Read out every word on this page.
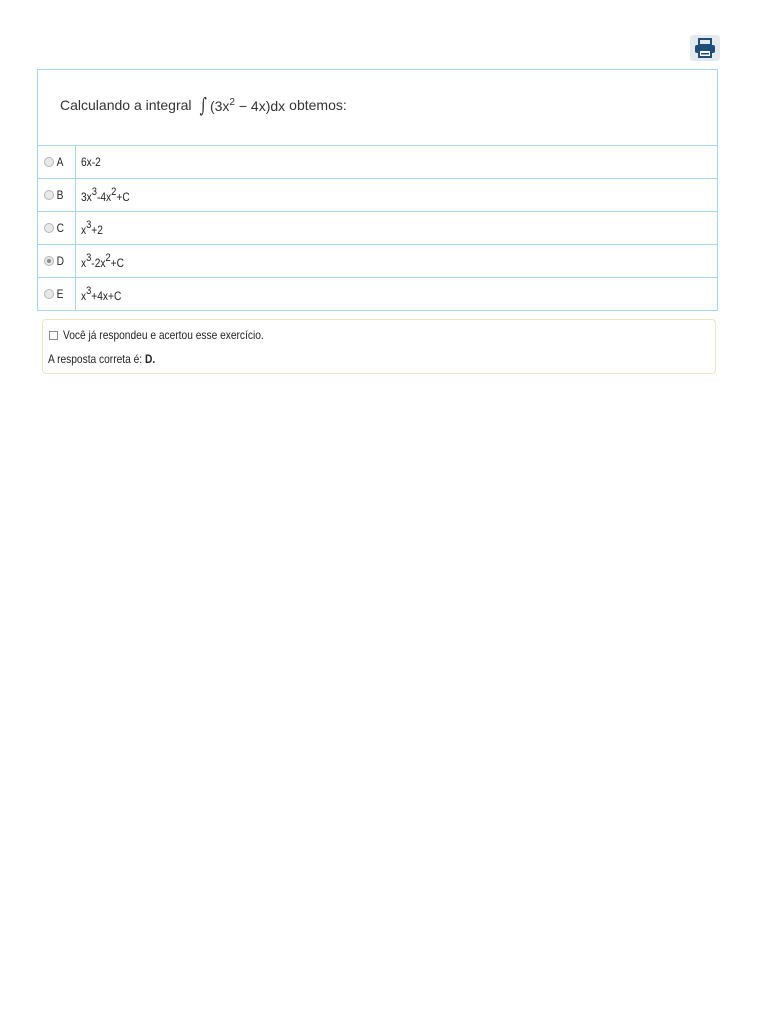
Calculando a integral ∫ $(3x^2 - 4x)dx$ obtemos:
A 6x-2
B $3x^3-4x^2+C$
C $x^3+2$
D $x^3-2x^2+C$
E $x^3+4x+C$
Você já respondeu e acertou esse exercício.
A resposta correta é: D.
